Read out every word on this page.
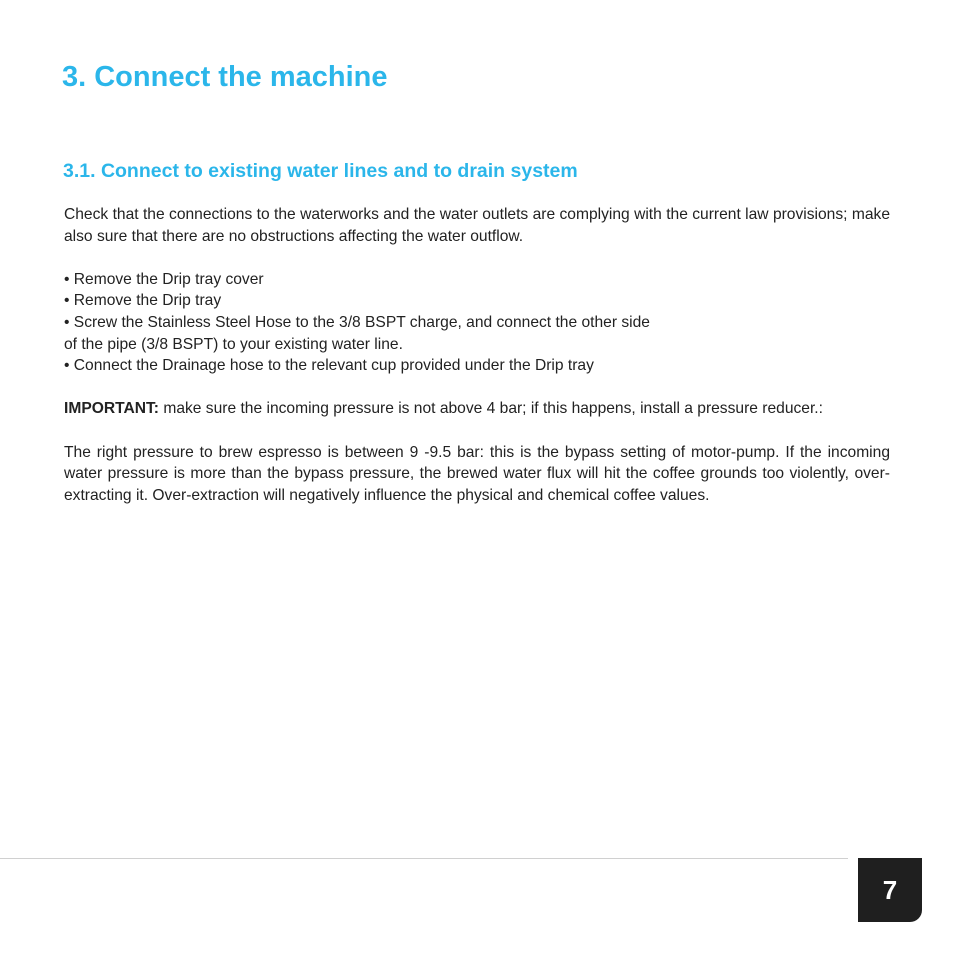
3. Connect the machine
3.1. Connect to existing water lines and to drain system

Check that the connections to the waterworks and the water outlets are complying with the current law provisions; make also sure that there are no obstructions affecting the water outflow.

• Remove the Drip tray cover
• Remove the Drip tray
• Screw the Stainless Steel Hose to the 3/8 BSPT charge, and connect the other side
of the pipe (3/8 BSPT) to your existing water line.
• Connect the Drainage hose to the relevant cup provided under the Drip tray

IMPORTANT: make sure the incoming pressure is not above 4 bar; if this happens, install a pressure reducer.:

The right pressure to brew espresso is between 9 -9.5 bar: this is the bypass setting of motor-pump. If the incoming water pressure is more than the bypass pressure, the brewed water flux will hit the coffee grounds too violently, over-extracting it. Over-extraction will negatively influence the physical and chemical coffee values.

7
